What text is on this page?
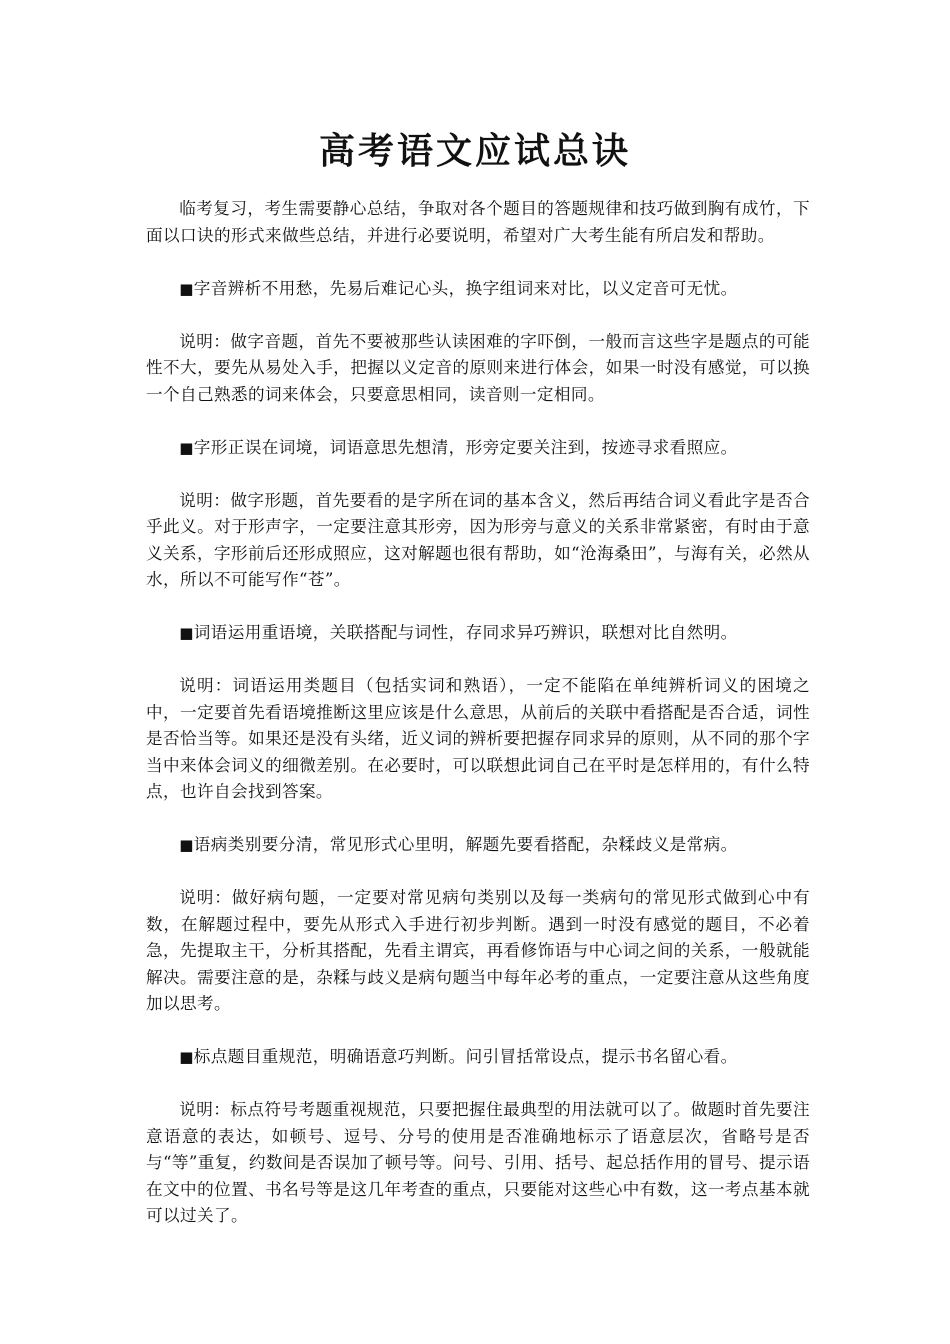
高考语文应试总诀

临考复习，考生需要静心总结，争取对各个题目的答题规律和技巧做到胸有成竹，下面以口诀的形式来做些总结，并进行必要说明，希望对广大考生能有所启发和帮助。

■字音辨析不用愁，先易后难记心头，换字组词来对比，以义定音可无忧。

说明：做字音题，首先不要被那些认读困难的字吓倒，一般而言这些字是题点的可能性不大，要先从易处入手，把握以义定音的原则来进行体会，如果一时没有感觉，可以换一个自己熟悉的词来体会，只要意思相同，读音则一定相同。

■字形正误在词境，词语意思先想清，形旁定要关注到，按迹寻求看照应。

说明：做字形题，首先要看的是字所在词的基本含义，然后再结合词义看此字是否合乎此义。对于形声字，一定要注意其形旁，因为形旁与意义的关系非常紧密，有时由于意义关系，字形前后还形成照应，这对解题也很有帮助，如“沧海桑田”，与海有关，必然从水，所以不可能写作“苍”。

■词语运用重语境，关联搭配与词性，存同求异巧辨识，联想对比自然明。

说明：词语运用类题目（包括实词和熟语），一定不能陷在单纯辨析词义的困境之中，一定要首先看语境推断这里应该是什么意思，从前后的关联中看搭配是否合适，词性是否恰当等。如果还是没有头绪，近义词的辨析要把握存同求异的原则，从不同的那个字当中来体会词义的细微差别。在必要时，可以联想此词自己在平时是怎样用的，有什么特点，也许自会找到答案。

■语病类别要分清，常见形式心里明，解题先要看搭配，杂糅歧义是常病。

说明：做好病句题，一定要对常见病句类别以及每一类病句的常见形式做到心中有数，在解题过程中，要先从形式入手进行初步判断。遇到一时没有感觉的题目，不必着急，先提取主干，分析其搭配，先看主谓宾，再看修饰语与中心词之间的关系，一般就能解决。需要注意的是，杂糅与歧义是病句题当中每年必考的重点，一定要注意从这些角度加以思考。

■标点题目重规范，明确语意巧判断。问引冒括常设点，提示书名留心看。

说明：标点符号考题重视规范，只要把握住最典型的用法就可以了。做题时首先要注意语意的表达，如顿号、逗号、分号的使用是否准确地标示了语意层次，省略号是否与“等”重复，约数间是否误加了顿号等。问号、引用、括号、起总括作用的冒号、提示语在文中的位置、书名号等是这几年考查的重点，只要能对这些心中有数，这一考点基本就可以过关了。
